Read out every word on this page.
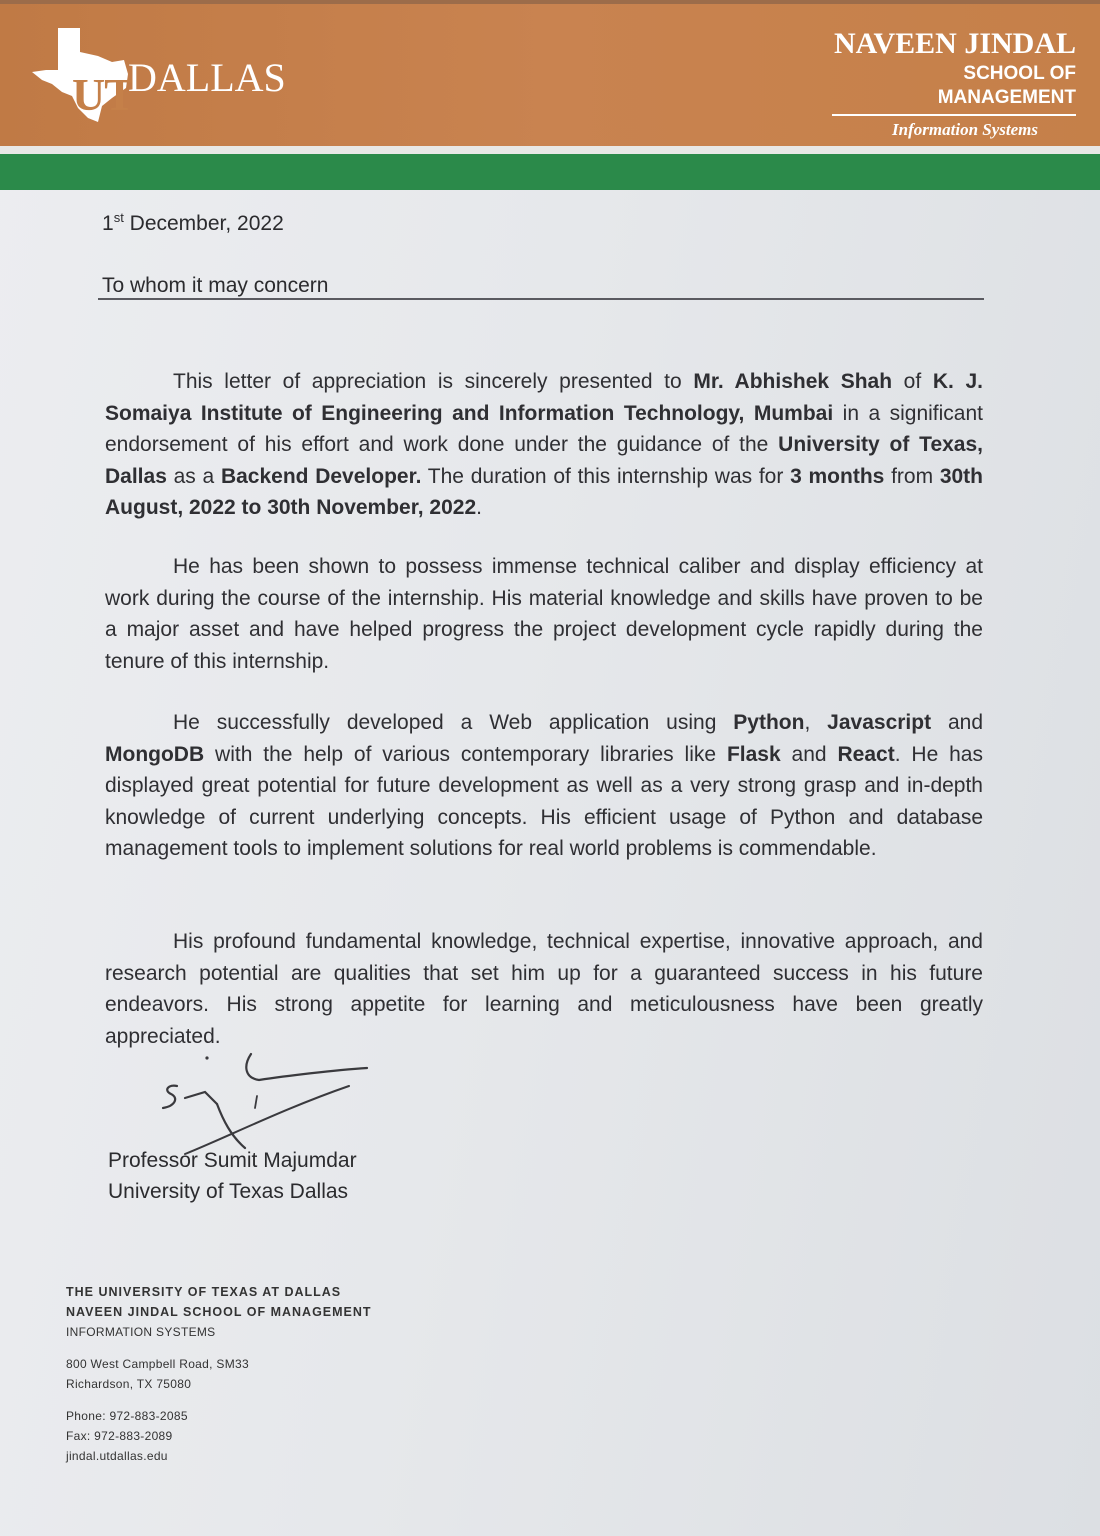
UT
DALLAS
NAVEEN JINDAL
SCHOOL OF MANAGEMENT
Information Systems
1st December, 2022
To whom it may concern
This letter of appreciation is sincerely presented to Mr. Abhishek Shah of K. J. Somaiya Institute of Engineering and Information Technology, Mumbai in a significant endorsement of his effort and work done under the guidance of the University of Texas, Dallas as a Backend Developer. The duration of this internship was for 3 months from 30th August, 2022 to 30th November, 2022.
He has been shown to possess immense technical caliber and display efficiency at work during the course of the internship. His material knowledge and skills have proven to be a major asset and have helped progress the project development cycle rapidly during the tenure of this internship.
He successfully developed a Web application using Python, Javascript and MongoDB with the help of various contemporary libraries like Flask and React. He has displayed great potential for future development as well as a very strong grasp and in-depth knowledge of current underlying concepts. His efficient usage of Python and database management tools to implement solutions for real world problems is commendable.
His profound fundamental knowledge, technical expertise, innovative approach, and research potential are qualities that set him up for a guaranteed success in his future endeavors. His strong appetite for learning and meticulousness have been greatly appreciated.
Professor Sumit Majumdar
University of Texas Dallas
THE UNIVERSITY OF TEXAS AT DALLAS
NAVEEN JINDAL SCHOOL OF MANAGEMENT
INFORMATION SYSTEMS
800 West Campbell Road, SM33
Richardson, TX 75080
Phone: 972-883-2085
Fax: 972-883-2089
jindal.utdallas.edu
